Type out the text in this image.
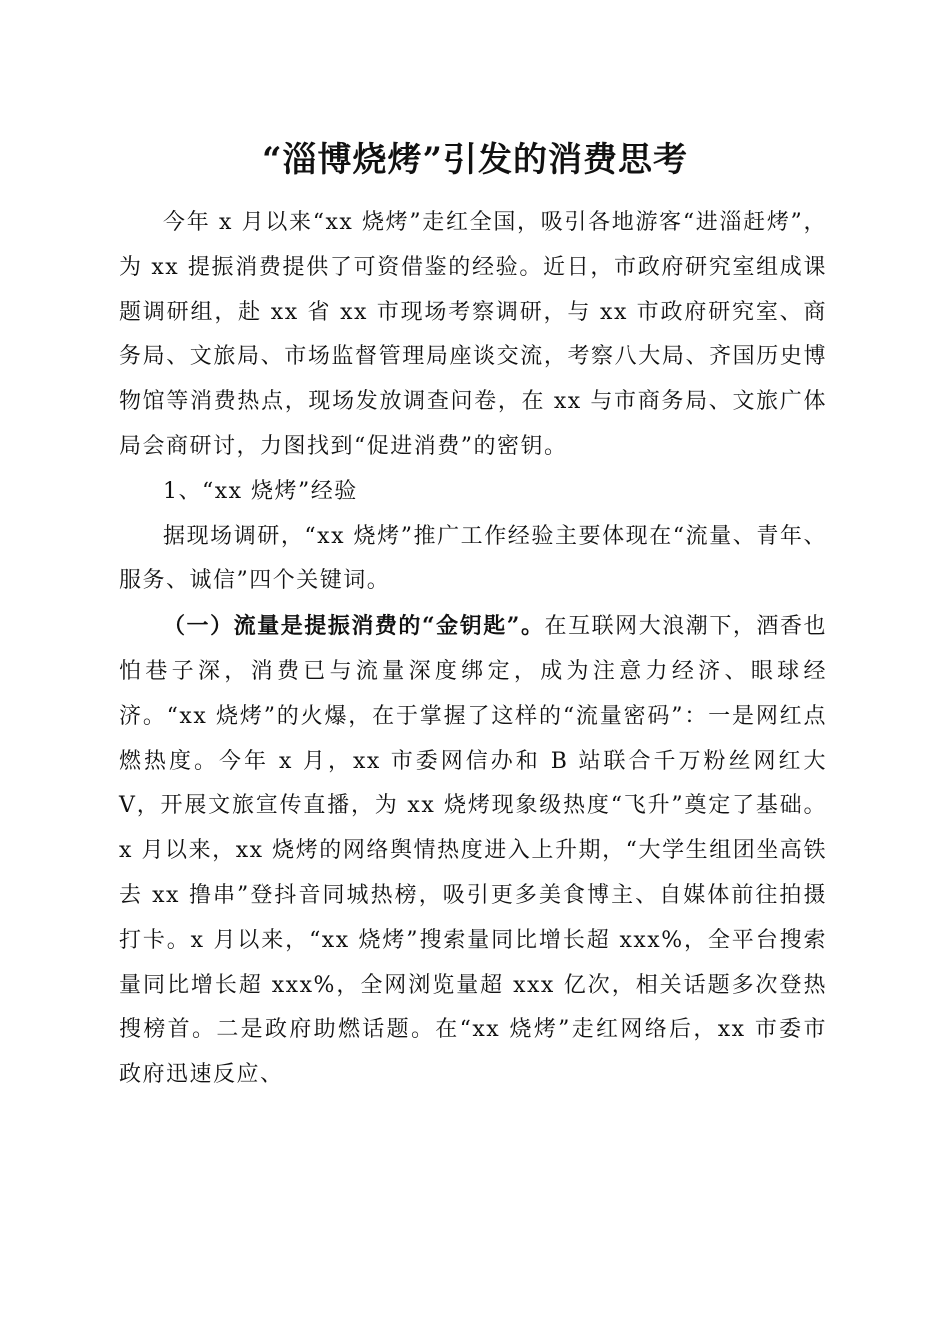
“淄博烧烤”引发的消费思考

今年 x 月以来“xx 烧烤”走红全国，吸引各地游客“进淄赶烤”，为 xx 提振消费提供了可资借鉴的经验。近日，市政府研究室组成课题调研组，赴 xx 省 xx 市现场考察调研，与 xx 市政府研究室、商务局、文旅局、市场监督管理局座谈交流，考察八大局、齐国历史博物馆等消费热点，现场发放调查问卷，在 xx 与市商务局、文旅广体局会商研讨，力图找到“促进消费”的密钥。

1、“xx 烧烤”经验

据现场调研，“xx 烧烤”推广工作经验主要体现在“流量、青年、服务、诚信”四个关键词。

（一）流量是提振消费的“金钥匙”。在互联网大浪潮下，酒香也怕巷子深，消费已与流量深度绑定，成为注意力经济、眼球经济。“xx 烧烤”的火爆，在于掌握了这样的“流量密码”：一是网红点燃热度。今年 x 月，xx 市委网信办和 B 站联合千万粉丝网红大 V，开展文旅宣传直播，为 xx 烧烤现象级热度“飞升”奠定了基础。x 月以来，xx 烧烤的网络舆情热度进入上升期，“大学生组团坐高铁去 xx 撸串”登抖音同城热榜，吸引更多美食博主、自媒体前往拍摄打卡。x 月以来，“xx 烧烤”搜索量同比增长超 xxx%，全平台搜索量同比增长超 xxx%，全网浏览量超 xxx 亿次，相关话题多次登热搜榜首。二是政府助燃话题。在“xx 烧烤”走红网络后，xx 市委市政府迅速反应、
